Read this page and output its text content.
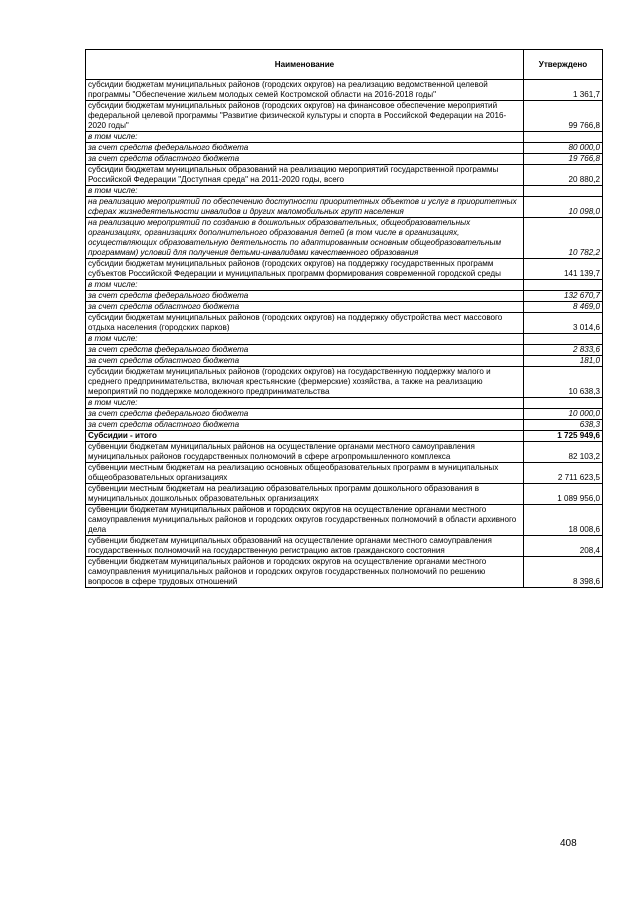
Наименование	Утверждено
субсидии бюджетам муниципальных районов (городских округов) на реализацию ведомственной целевой программы "Обеспечение жильем молодых семей Костромской области на 2016-2018 годы"	1 361,7
субсидии бюджетам муниципальных районов (городских округов) на финансовое обеспечение мероприятий федеральной целевой программы "Развитие физической культуры и спорта в Российской Федерации на 2016-2020 годы"	99 766,8
в том числе:	
за счет средств федерального бюджета	80 000,0
за счет средств областного бюджета	19 766,8
субсидии бюджетам муниципальных образований на реализацию мероприятий государственной программы Российской Федерации "Доступная среда" на 2011-2020 годы, всего	20 880,2
в том числе:	
на реализацию мероприятий по обеспечению доступности приоритетных объектов и услуг в приоритетных сферах жизнедеятельности инвалидов и других маломобильных групп населения	10 098,0
на реализацию мероприятий по созданию в дошкольных образовательных, общеобразовательных организациях, организациях дополнительного образования детей (в том числе в организациях, осуществляющих образовательную деятельность по адаптированным основным общеобразовательным программам) условий для получения детьми-инвалидами качественного образования	10 782,2
субсидии бюджетам муниципальных районов (городских округов) на поддержку государственных программ субъектов Российской Федерации и муниципальных программ формирования современной городской среды	141 139,7
в том числе:	
за счет средств федерального бюджета	132 670,7
за счет средств областного бюджета	8 469,0
субсидии бюджетам муниципальных районов (городских округов) на поддержку обустройства мест массового отдыха населения (городских парков)	3 014,6
в том числе:	
за счет средств федерального бюджета	2 833,6
за счет средств областного бюджета	181,0
субсидии бюджетам муниципальных районов (городских округов) на государственную поддержку малого и среднего предпринимательства, включая крестьянские (фермерские) хозяйства, а также на реализацию мероприятий по поддержке молодежного предпринимательства	10 638,3
в том числе:	
за счет средств федерального бюджета	10 000,0
за счет средств областного бюджета	638,3
Субсидии - итого	1 725 949,6
субвенции бюджетам муниципальных районов на осуществление органами местного самоуправления муниципальных районов государственных полномочий в сфере агропромышленного комплекса	82 103,2
субвенции местным бюджетам на реализацию основных общеобразовательных программ в муниципальных общеобразовательных организациях	2 711 623,5
субвенции местным бюджетам на реализацию образовательных программ дошкольного образования в муниципальных дошкольных образовательных организациях	1 089 956,0
субвенции бюджетам муниципальных районов и городских округов на осуществление органами местного самоуправления муниципальных районов и городских округов государственных полномочий в области архивного дела	18 008,6
субвенции бюджетам муниципальных образований на осуществление органами местного самоуправления государственных полномочий на государственную регистрацию актов гражданского состояния	208,4
субвенции бюджетам муниципальных районов и городских округов на осуществление органами местного самоуправления муниципальных районов и городских округов государственных полномочий по решению вопросов в сфере трудовых отношений	8 398,6
408
